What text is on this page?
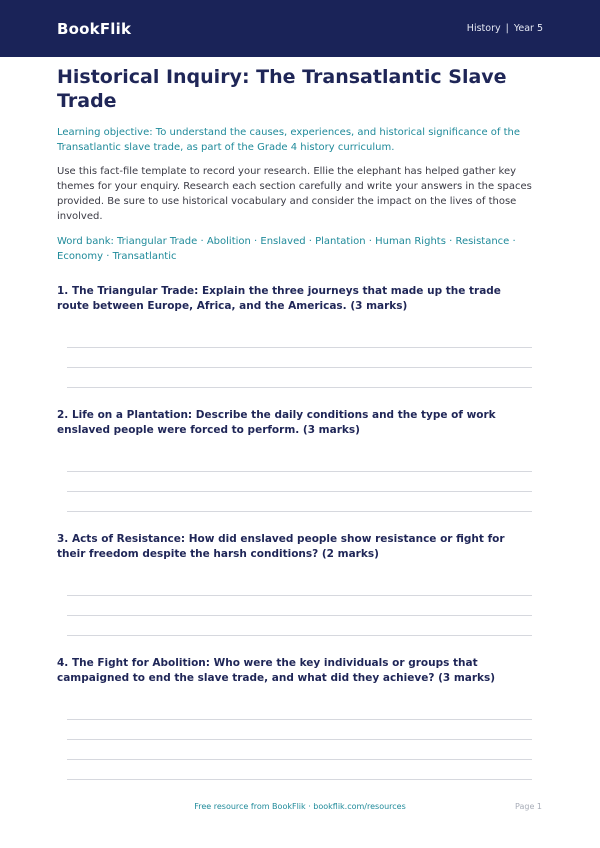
BookFlik	History | Year 5
Historical Inquiry: The Transatlantic Slave Trade

Learning objective: To understand the causes, experiences, and historical significance of the Transatlantic slave trade, as part of the Grade 4 history curriculum.

Use this fact-file template to record your research. Ellie the elephant has helped gather key themes for your enquiry. Research each section carefully and write your answers in the spaces provided. Be sure to use historical vocabulary and consider the impact on the lives of those involved.

Word bank: Triangular Trade · Abolition · Enslaved · Plantation · Human Rights · Resistance · Economy · Transatlantic

1. The Triangular Trade: Explain the three journeys that made up the trade route between Europe, Africa, and the Americas. (3 marks)

2. Life on a Plantation: Describe the daily conditions and the type of work enslaved people were forced to perform. (3 marks)

3. Acts of Resistance: How did enslaved people show resistance or fight for their freedom despite the harsh conditions? (2 marks)

4. The Fight for Abolition: Who were the key individuals or groups that campaigned to end the slave trade, and what did they achieve? (3 marks)

Free resource from BookFlik · bookflik.com/resources	Page 1
